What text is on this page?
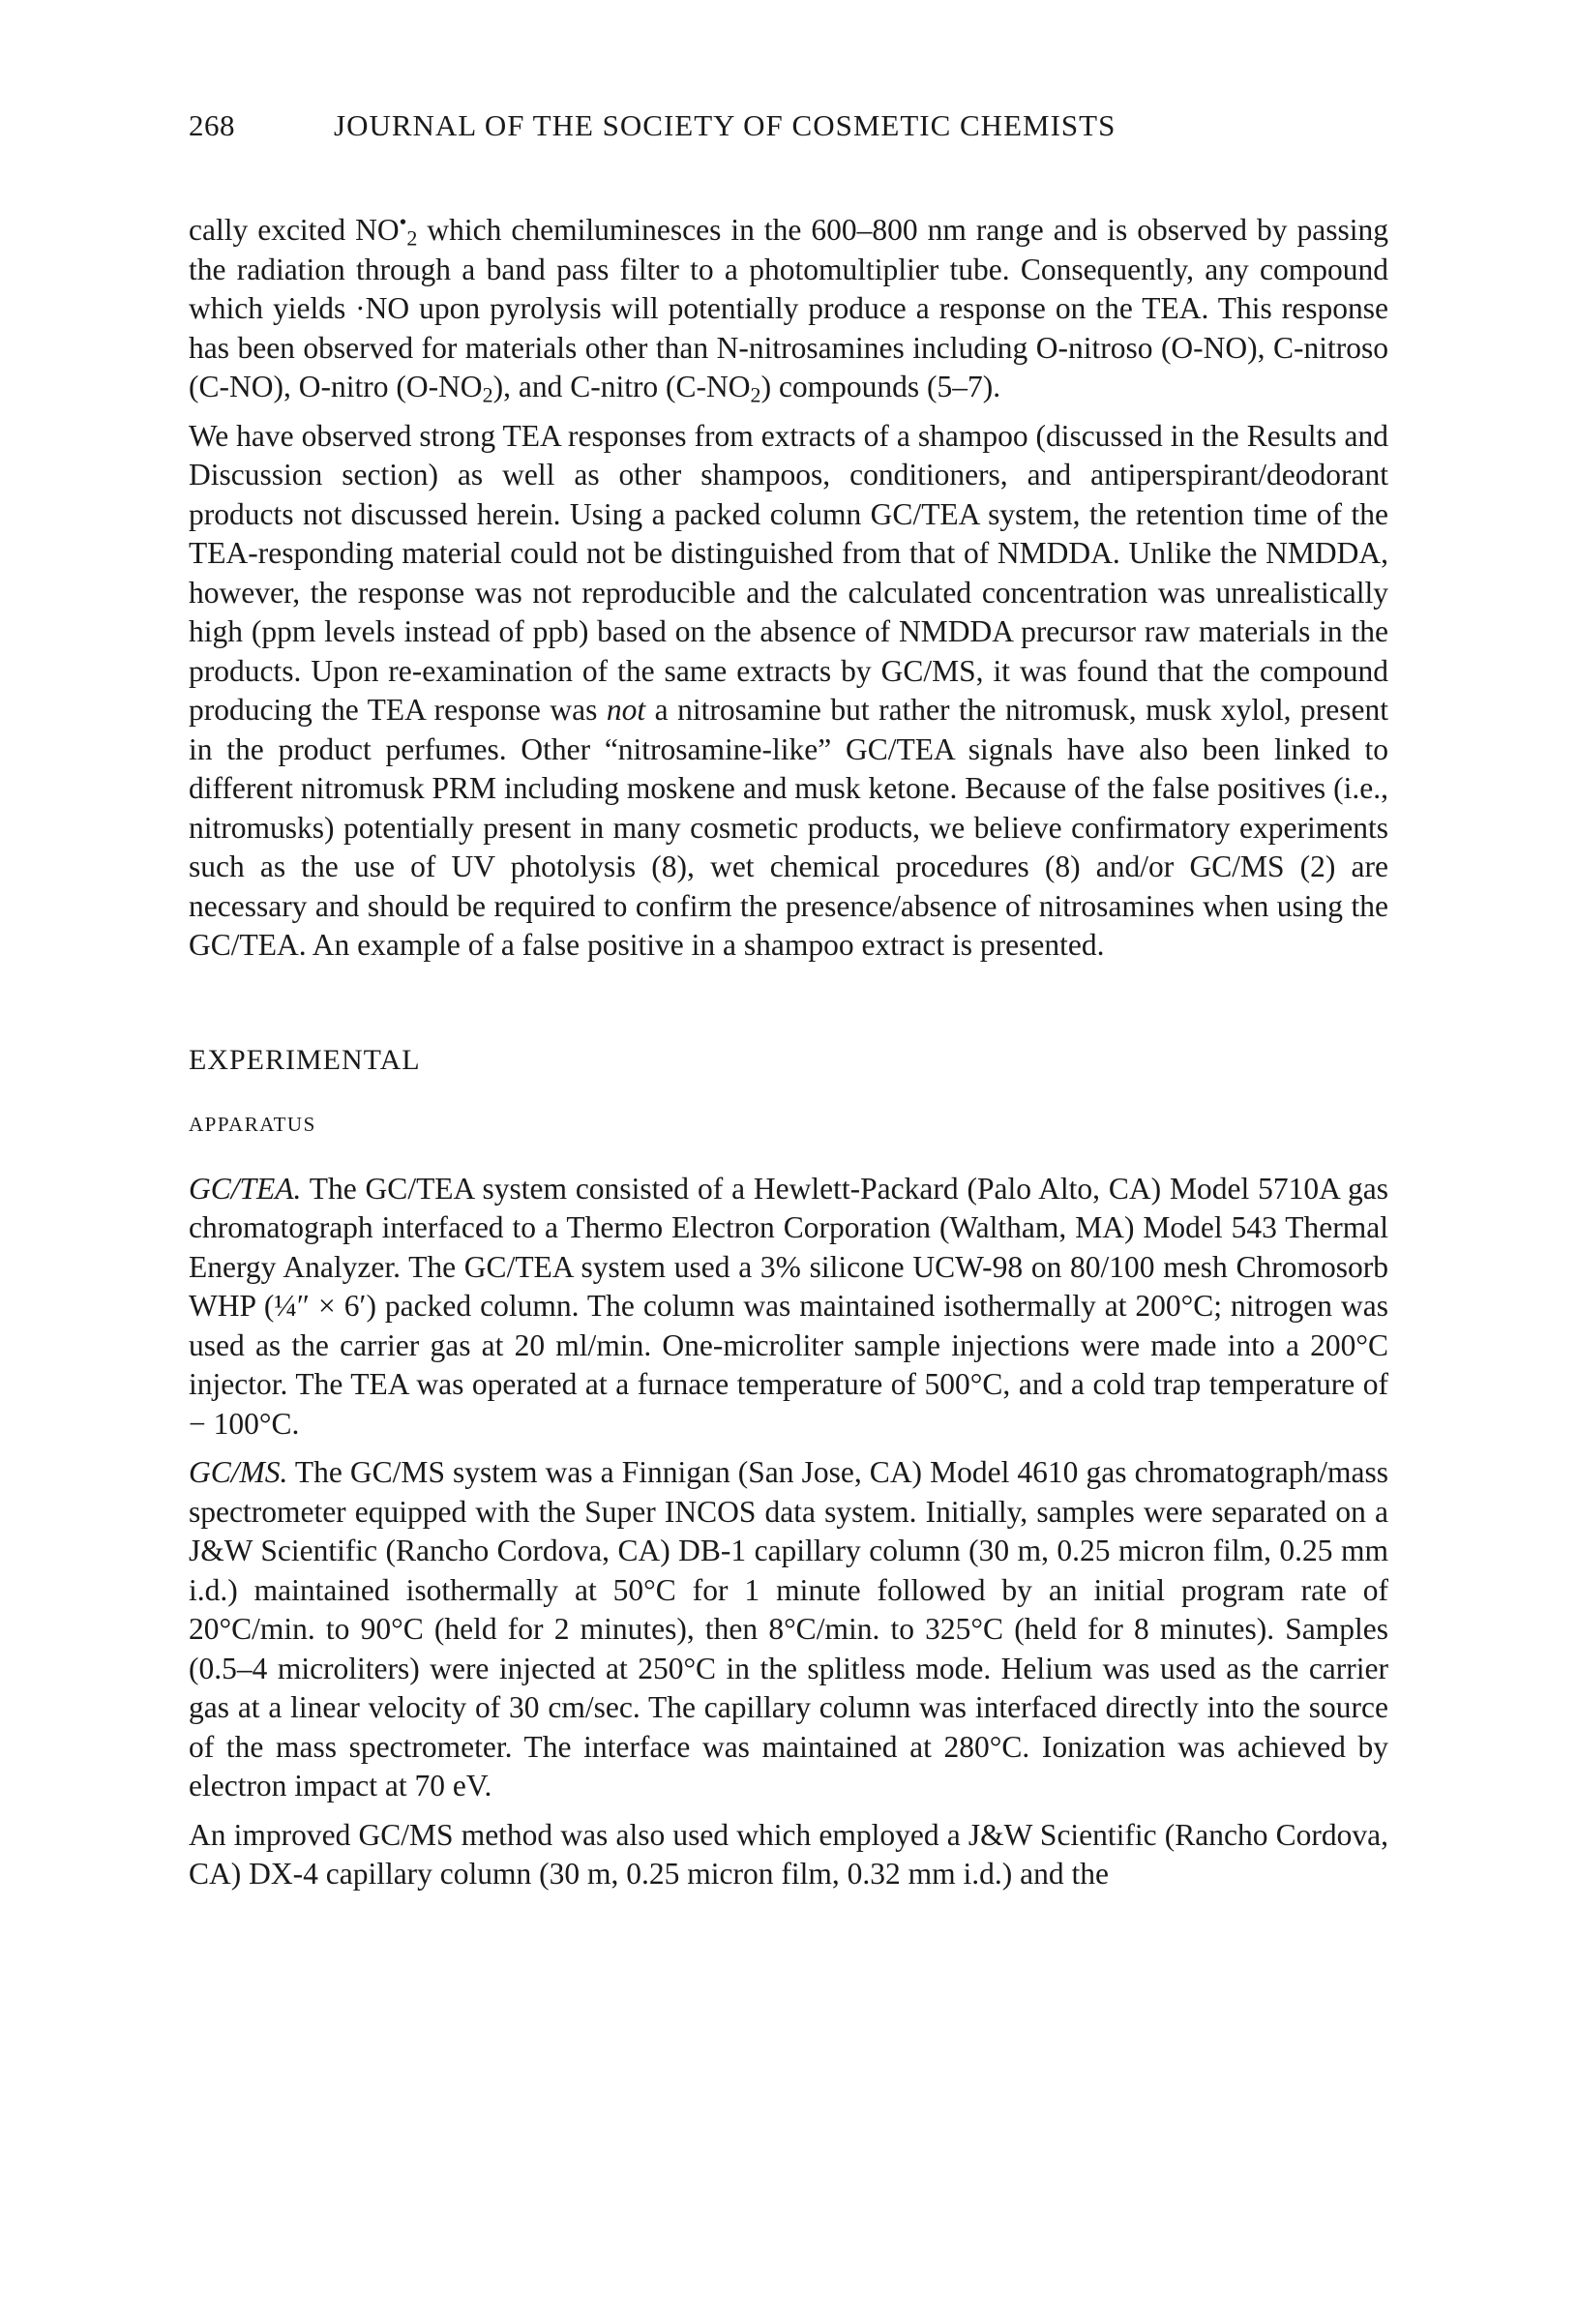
268	JOURNAL OF THE SOCIETY OF COSMETIC CHEMISTS

cally excited $NO^•_2$ which chemiluminesces in the 600–800 nm range and is observed by passing the radiation through a band pass filter to a photomultiplier tube. Consequently, any compound which yields ·NO upon pyrolysis will potentially produce a response on the TEA. This response has been observed for materials other than N-nitrosamines including O-nitroso (O-NO), C-nitroso (C-NO), O-nitro $(O-NO_2)$, and C-nitro $(C-NO_2)$ compounds (5–7).

We have observed strong TEA responses from extracts of a shampoo (discussed in the Results and Discussion section) as well as other shampoos, conditioners, and antiperspirant/deodorant products not discussed herein. Using a packed column GC/TEA system, the retention time of the TEA-responding material could not be distinguished from that of NMDDA. Unlike the NMDDA, however, the response was not reproducible and the calculated concentration was unrealistically high (ppm levels instead of ppb) based on the absence of NMDDA precursor raw materials in the products. Upon re-examination of the same extracts by GC/MS, it was found that the compound producing the TEA response was not a nitrosamine but rather the nitromusk, musk xylol, present in the product perfumes. Other “nitrosamine-like” GC/TEA signals have also been linked to different nitromusk PRM including moskene and musk ketone. Because of the false positives (i.e., nitromusks) potentially present in many cosmetic products, we believe confirmatory experiments such as the use of UV photolysis (8), wet chemical procedures (8) and/or GC/MS (2) are necessary and should be required to confirm the presence/absence of nitrosamines when using the GC/TEA. An example of a false positive in a shampoo extract is presented.

EXPERIMENTAL
APPARATUS

GC/TEA. The GC/TEA system consisted of a Hewlett-Packard (Palo Alto, CA) Model 5710A gas chromatograph interfaced to a Thermo Electron Corporation (Waltham, MA) Model 543 Thermal Energy Analyzer. The GC/TEA system used a 3% silicone UCW-98 on 80/100 mesh Chromosorb WHP (¼″ × 6′) packed column. The column was maintained isothermally at 200°C; nitrogen was used as the carrier gas at 20 ml/min. One-microliter sample injections were made into a 200°C injector. The TEA was operated at a furnace temperature of 500°C, and a cold trap temperature of − 100°C.

GC/MS. The GC/MS system was a Finnigan (San Jose, CA) Model 4610 gas chromatograph/mass spectrometer equipped with the Super INCOS data system. Initially, samples were separated on a J&W Scientific (Rancho Cordova, CA) DB-1 capillary column (30 m, 0.25 micron film, 0.25 mm i.d.) maintained isothermally at 50°C for 1 minute followed by an initial program rate of 20°C/min. to 90°C (held for 2 minutes), then 8°C/min. to 325°C (held for 8 minutes). Samples (0.5–4 microliters) were injected at 250°C in the splitless mode. Helium was used as the carrier gas at a linear velocity of 30 cm/sec. The capillary column was interfaced directly into the source of the mass spectrometer. The interface was maintained at 280°C. Ionization was achieved by electron impact at 70 eV.

An improved GC/MS method was also used which employed a J&W Scientific (Rancho Cordova, CA) DX-4 capillary column (30 m, 0.25 micron film, 0.32 mm i.d.) and the
